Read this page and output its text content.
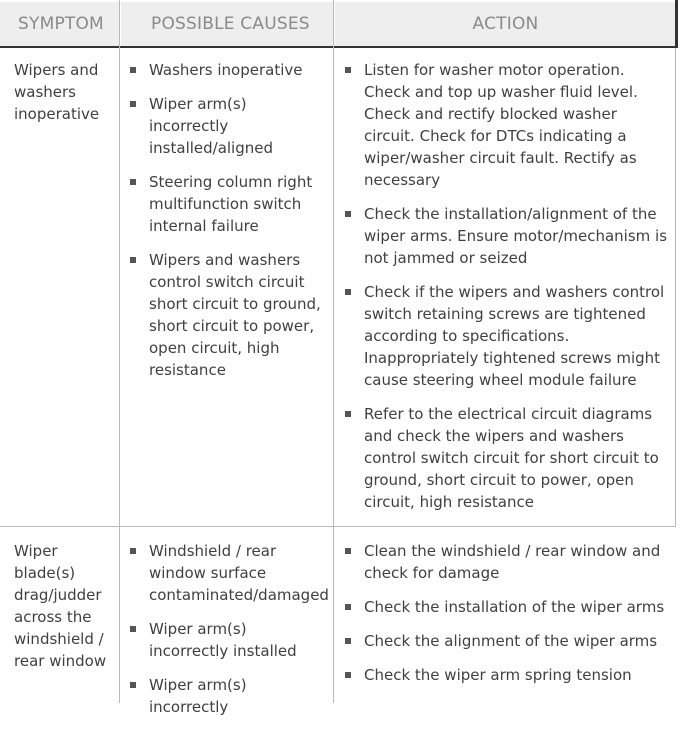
SYMPTOM	POSSIBLE CAUSES	ACTION
Wipers and washers inoperative
Washers inoperative
Wiper arm(s) incorrectly installed/aligned
Steering column right multifunction switch internal failure
Wipers and washers control switch circuit short circuit to ground, short circuit to power, open circuit, high resistance
Listen for washer motor operation. Check and top up washer fluid level. Check and rectify blocked washer circuit. Check for DTCs indicating a wiper/washer circuit fault. Rectify as necessary
Check the installation/alignment of the wiper arms. Ensure motor/mechanism is not jammed or seized
Check if the wipers and washers control switch retaining screws are tightened according to specifications. Inappropriately tightened screws might cause steering wheel module failure
Refer to the electrical circuit diagrams and check the wipers and washers control switch circuit for short circuit to ground, short circuit to power, open circuit, high resistance
Wiper blade(s) drag/judder across the windshield / rear window
Windshield / rear window surface contaminated/damaged
Wiper arm(s) incorrectly installed
Wiper arm(s) incorrectly
Clean the windshield / rear window and check for damage
Check the installation of the wiper arms
Check the alignment of the wiper arms
Check the wiper arm spring tension
